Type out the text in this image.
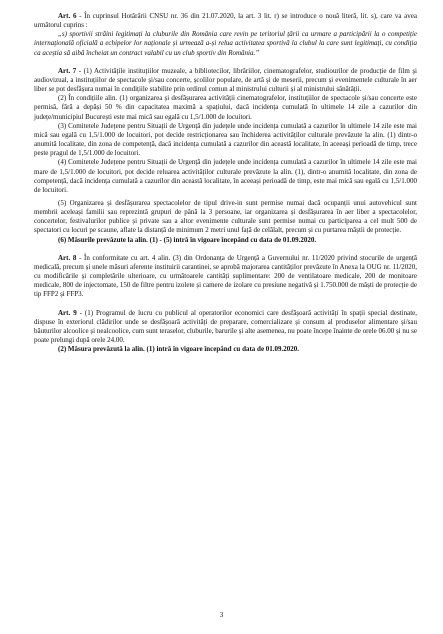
Art. 6 - În cuprinsul Hotărârii CNSU nr. 36 din 21.07.2020, la art. 3 lit. r) se introduce o nouă literă, lit. s), care va avea următorul cuprins :

„s) sportivii străini legitimați la cluburile din România care revin pe teritoriul țării ca urmare a participării la o competiție internațională oficială a echipelor lor naționale și urmează a-și relua activitatea sportivă la clubul la care sunt legitimați, cu condiția ca aceștia să aibă încheiat un contract valabil cu un club sportiv din România.”

Art. 7 - (1) Activitățile instituțiilor muzeale, a bibliotecilor, librăriilor, cinematografelor, studiourilor de producție de film și audiovizual, a instituțiilor de spectacole și/sau concerte, școlilor populare, de artă și de meserii, precum și evenimentele culturale în aer liber se pot desfășura numai în condițiile stabilite prin ordinul comun al ministrului culturii și al ministrului sănătății.

(2) În condițiile alin. (1) organizarea și desfășurarea activității cinematografelor, instituțiilor de spectacole și/sau concerte este permisă, fără a depăși 50 % din capacitatea maximă a spațiului, dacă incidența cumulată în ultimele 14 zile a cazurilor din județe/municipiul București este mai mică sau egală cu 1,5/1.000 de locuitori.

(3) Comitetele Județene pentru Situații de Urgență din județele unde incidența cumulată a cazurilor în ultimele 14 zile este mai mică sau egală cu 1,5/1.000 de locuitori, pot decide restricționarea sau închiderea activităților culturale prevăzute la alin. (1) dintr-o anumită localitate, din zona de competență, dacă incidența cumulată a cazurilor din această localitate, în aceeași perioadă de timp, trece peste pragul de 1,5/1.000 de locuitori.

(4) Comitetele Județene pentru Situații de Urgență din județele unde incidența cumulată a cazurilor în ultimele 14 zile este mai mare de 1,5/1.000 de locuitori, pot decide reluarea activităților culturale prevăzute la alin. (1), dintr-o anumită localitate, din zona de competență, dacă incidența cumulată a cazurilor din această localitate, în aceeași perioadă de timp, este mai mică sau egală cu 1,5/1.000 de locuitori.

(5) Organizarea și desfășurarea spectacolelor de tipul drive-in sunt permise numai dacă ocupanții unui autovehicul sunt membrii aceleași familii sau reprezintă grupuri de până la 3 persoane, iar organizarea și desfășurarea în aer liber a spectacolelor, concertelor, festivalurilor publice și private sau a altor evenimente culturale sunt permise numai cu participarea a cel mult 500 de spectatori cu locuri pe scaune, aflate la distanță de minimum 2 metri unul față de celălalt, precum și cu purtarea măștii de protecție.

(6) Măsurile prevăzute la alin. (1) - (5) intră în vigoare începând cu data de 01.09.2020.

Art. 8 - În conformitate cu art. 4 alin. (3) din Ordonanța de Urgență a Guvernului nr. 11/2020 privind stocurile de urgență medicală, precum și unele măsuri aferente instituirii carantinei, se aprobă majorarea cantităților prevăzute în Anexa la OUG nr. 11/2020, cu modificările și completările ulterioare, cu următoarele cantități suplimentare: 200 de ventilatoare medicale, 200 de monitoare medicale, 800 de injectomate, 150 de filtre pentru izolete și camere de izolare cu presiune negativă și 1.750.000 de măști de protecție de tip FFP2 și FFP3.

Art. 9 - (1) Programul de lucru cu publicul al operatorilor economici care desfășoară activități în spații special destinate, dispuse în exteriorul clădirilor unde se desfășoară activități de preparare, comercializare și consum al produselor alimentare și/sau băuturilor alcoolice și nealcoolice, cum sunt teraselor, cluburile, barurile și alte asemenea, nu poate începe înainte de orele 06.00 și nu se poate prelungi după orele 24.00.

(2) Măsura prevăzută la alin. (1) intră în vigoare începând cu data de 01.09.2020.

3
